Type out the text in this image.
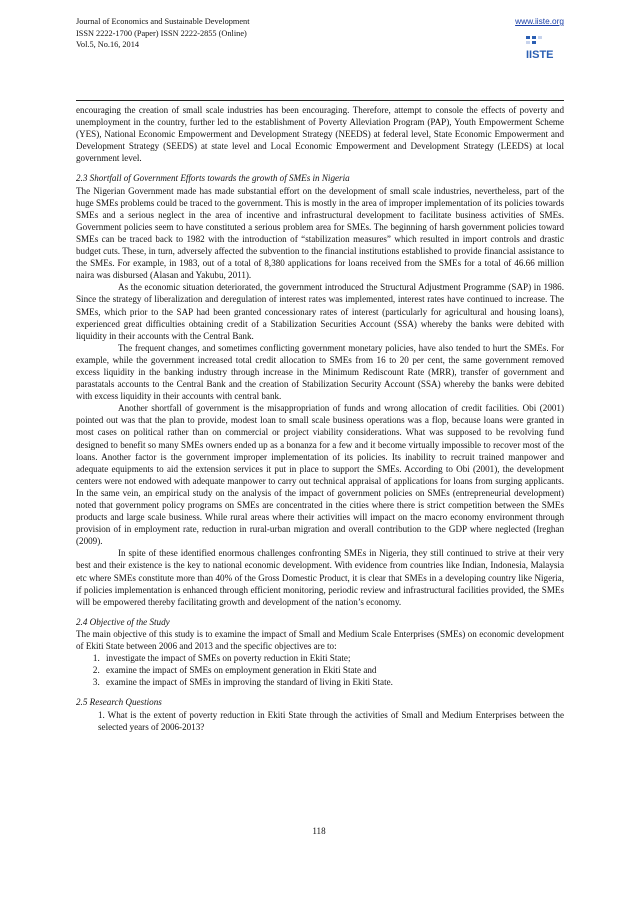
Journal of Economics and Sustainable Development
ISSN 2222-1700 (Paper) ISSN 2222-2855 (Online)
Vol.5, No.16, 2014
www.iiste.org
IISTE

encouraging the creation of small scale industries has been encouraging. Therefore, attempt to console the effects of poverty and unemployment in the country, further led to the establishment of Poverty Alleviation Program (PAP), Youth Empowerment Scheme (YES), National Economic Empowerment and Development Strategy (NEEDS) at federal level, State Economic Empowerment and Development Strategy (SEEDS) at state level and Local Economic Empowerment and Development Strategy (LEEDS) at local government level.

2.3 Shortfall of Government Efforts towards the growth of SMEs in Nigeria

The Nigerian Government made has made substantial effort on the development of small scale industries, nevertheless, part of the huge SMEs problems could be traced to the government. This is mostly in the area of improper implementation of its policies towards SMEs and a serious neglect in the area of incentive and infrastructural development to facilitate business activities of SMEs. Government policies seem to have constituted a serious problem area for SMEs. The beginning of harsh government policies toward SMEs can be traced back to 1982 with the introduction of “stabilization measures” which resulted in import controls and drastic budget cuts. These, in turn, adversely affected the subvention to the financial institutions established to provide financial assistance to the SMEs. For example, in 1983, out of a total of 8,380 applications for loans received from the SMEs for a total of 46.66 million naira was disbursed (Alasan and Yakubu, 2011).

As the economic situation deteriorated, the government introduced the Structural Adjustment Programme (SAP) in 1986. Since the strategy of liberalization and deregulation of interest rates was implemented, interest rates have continued to increase. The SMEs, which prior to the SAP had been granted concessionary rates of interest (particularly for agricultural and housing loans), experienced great difficulties obtaining credit of a Stabilization Securities Account (SSA) whereby the banks were debited with liquidity in their accounts with the Central Bank.

The frequent changes, and sometimes conflicting government monetary policies, have also tended to hurt the SMEs. For example, while the government increased total credit allocation to SMEs from 16 to 20 per cent, the same government removed excess liquidity in the banking industry through increase in the Minimum Rediscount Rate (MRR), transfer of government and parastatals accounts to the Central Bank and the creation of Stabilization Security Account (SSA) whereby the banks were debited with excess liquidity in their accounts with central bank.

Another shortfall of government is the misappropriation of funds and wrong allocation of credit facilities. Obi (2001) pointed out was that the plan to provide, modest loan to small scale business operations was a flop, because loans were granted in most cases on political rather than on commercial or project viability considerations. What was supposed to be revolving fund designed to benefit so many SMEs owners ended up as a bonanza for a few and it become virtually impossible to recover most of the loans. Another factor is the government improper implementation of its policies. Its inability to recruit trained manpower and adequate equipments to aid the extension services it put in place to support the SMEs. According to Obi (2001), the development centers were not endowed with adequate manpower to carry out technical appraisal of applications for loans from surging applicants. In the same vein, an empirical study on the analysis of the impact of government policies on SMEs (entrepreneurial development) noted that government policy programs on SMEs are concentrated in the cities where there is strict competition between the SMEs products and large scale business. While rural areas where their activities will impact on the macro economy environment through provision of in employment rate, reduction in rural-urban migration and overall contribution to the GDP where neglected (Ireghan (2009).

In spite of these identified enormous challenges confronting SMEs in Nigeria, they still continued to strive at their very best and their existence is the key to national economic development. With evidence from countries like Indian, Indonesia, Malaysia etc where SMEs constitute more than 40% of the Gross Domestic Product, it is clear that SMEs in a developing country like Nigeria, if policies implementation is enhanced through efficient monitoring, periodic review and infrastructural facilities provided, the SMEs will be empowered thereby facilitating growth and development of the nation’s economy.

2.4 Objective of the Study

The main objective of this study is to examine the impact of Small and Medium Scale Enterprises (SMEs) on economic development of Ekiti State between 2006 and 2013 and the specific objectives are to:

1. investigate the impact of SMEs on poverty reduction in Ekiti State;
2. examine the impact of SMEs on employment generation in Ekiti State and
3. examine the impact of SMEs in improving the standard of living in Ekiti State.
2.5 Research Questions

1. What is the extent of poverty reduction in Ekiti State through the activities of Small and Medium Enterprises between the selected years of 2006-2013?

118
